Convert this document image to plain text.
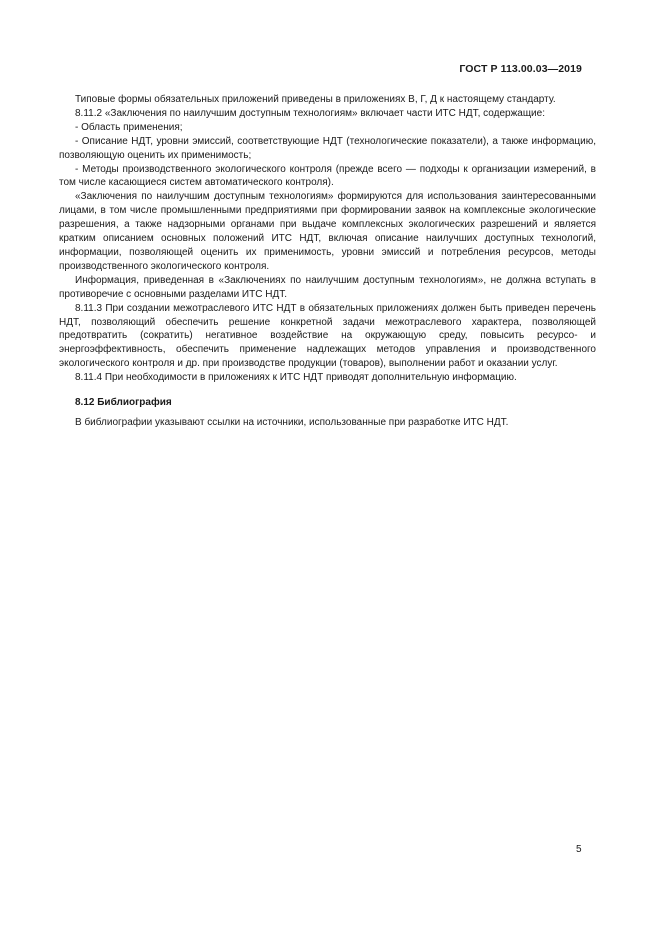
ГОСТ Р 113.00.03—2019

Типовые формы обязательных приложений приведены в приложениях В, Г, Д к настоящему стандарту.

8.11.2 «Заключения по наилучшим доступным технологиям» включает части ИТС НДТ, содержащие:

- Область применения;

- Описание НДТ, уровни эмиссий, соответствующие НДТ (технологические показатели), а также информацию, позволяющую оценить их применимость;

- Методы производственного экологического контроля (прежде всего — подходы к организации измерений, в том числе касающиеся систем автоматического контроля).

«Заключения по наилучшим доступным технологиям» формируются для использования заинтересованными лицами, в том числе промышленными предприятиями при формировании заявок на комплексные экологические разрешения, а также надзорными органами при выдаче комплексных экологических разрешений и является кратким описанием основных положений ИТС НДТ, включая описание наилучших доступных технологий, информации, позволяющей оценить их применимость, уровни эмиссий и потребления ресурсов, методы производственного экологического контроля.

Информация, приведенная в «Заключениях по наилучшим доступным технологиям», не должна вступать в противоречие с основными разделами ИТС НДТ.

8.11.3 При создании межотраслевого ИТС НДТ в обязательных приложениях должен быть приведен перечень НДТ, позволяющий обеспечить решение конкретной задачи межотраслевого характера, позволяющей предотвратить (сократить) негативное воздействие на окружающую среду, повысить ресурсо- и энергоэффективность, обеспечить применение надлежащих методов управления и производственного экологического контроля и др. при производстве продукции (товаров), выполнении работ и оказании услуг.

8.11.4 При необходимости в приложениях к ИТС НДТ приводят дополнительную информацию.

8.12 Библиография

В библиографии указывают ссылки на источники, использованные при разработке ИТС НДТ.

5
